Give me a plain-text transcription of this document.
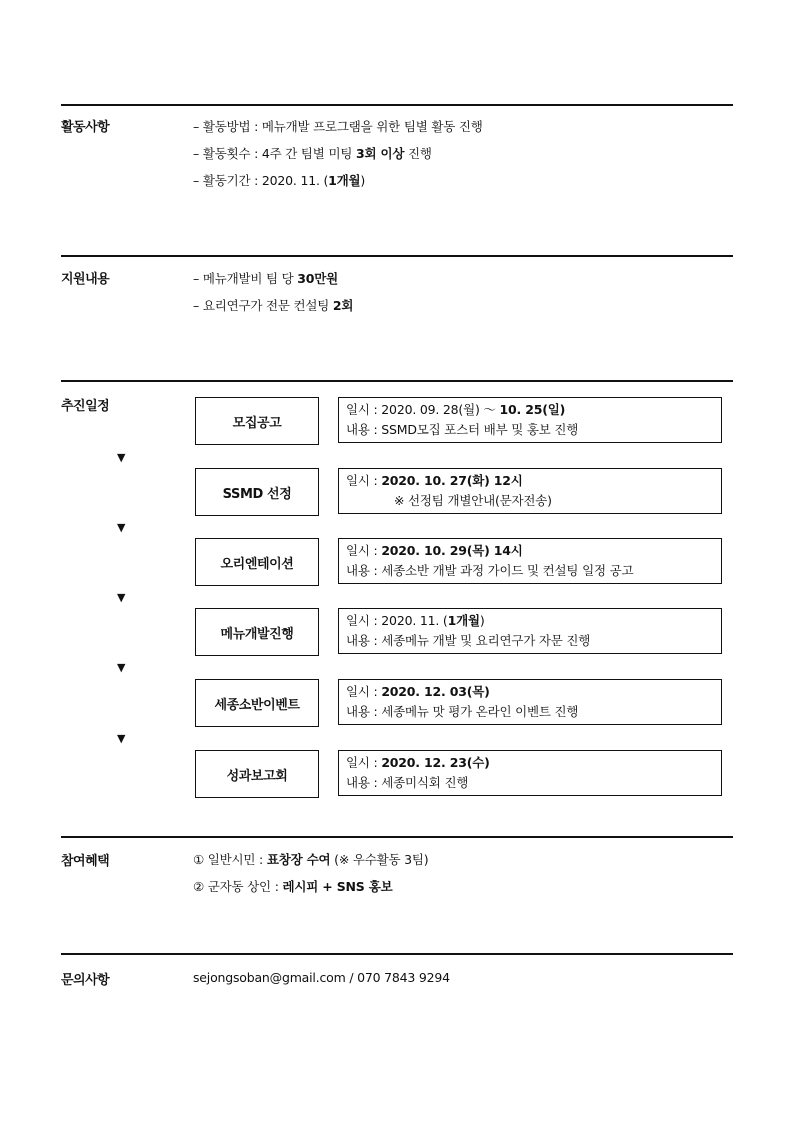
활동사항	– 활동방법 : 메뉴개발 프로그램을 위한 팀별 활동 진행
– 활동횟수 : 4주 간 팀별 미팅 3회 이상 진행
– 활동기간 : 2020. 11. (1개월)
지원내용	– 메뉴개발비 팀 당 30만원
– 요리연구가 전문 컨설팅 2회
추진일정
모집공고
일시 : 2020. 09. 28(월) ～ 10. 25(일)
내용 : SSMD모집 포스터 배부 및 홍보 진행
▼
SSMD 선정
일시 : 2020. 10. 27(화) 12시
※ 선정팀 개별안내(문자전송)
▼
오리엔테이션
일시 : 2020. 10. 29(목) 14시
내용 : 세종소반 개발 과정 가이드 및 컨설팅 일정 공고
▼
메뉴개발진행
일시 : 2020. 11. (1개월)
내용 : 세종메뉴 개발 및 요리연구가 자문 진행
▼
세종소반이벤트
일시 : 2020. 12. 03(목)
내용 : 세종메뉴 맛 평가 온라인 이벤트 진행
▼
성과보고회
일시 : 2020. 12. 23(수)
내용 : 세종미식회 진행
참여혜택	① 일반시민 : 표창장 수여 (※ 우수활동 3팀)
② 군자동 상인 : 레시피 + SNS 홍보
문의사항	sejongsoban@gmail.com / 070 7843 9294
